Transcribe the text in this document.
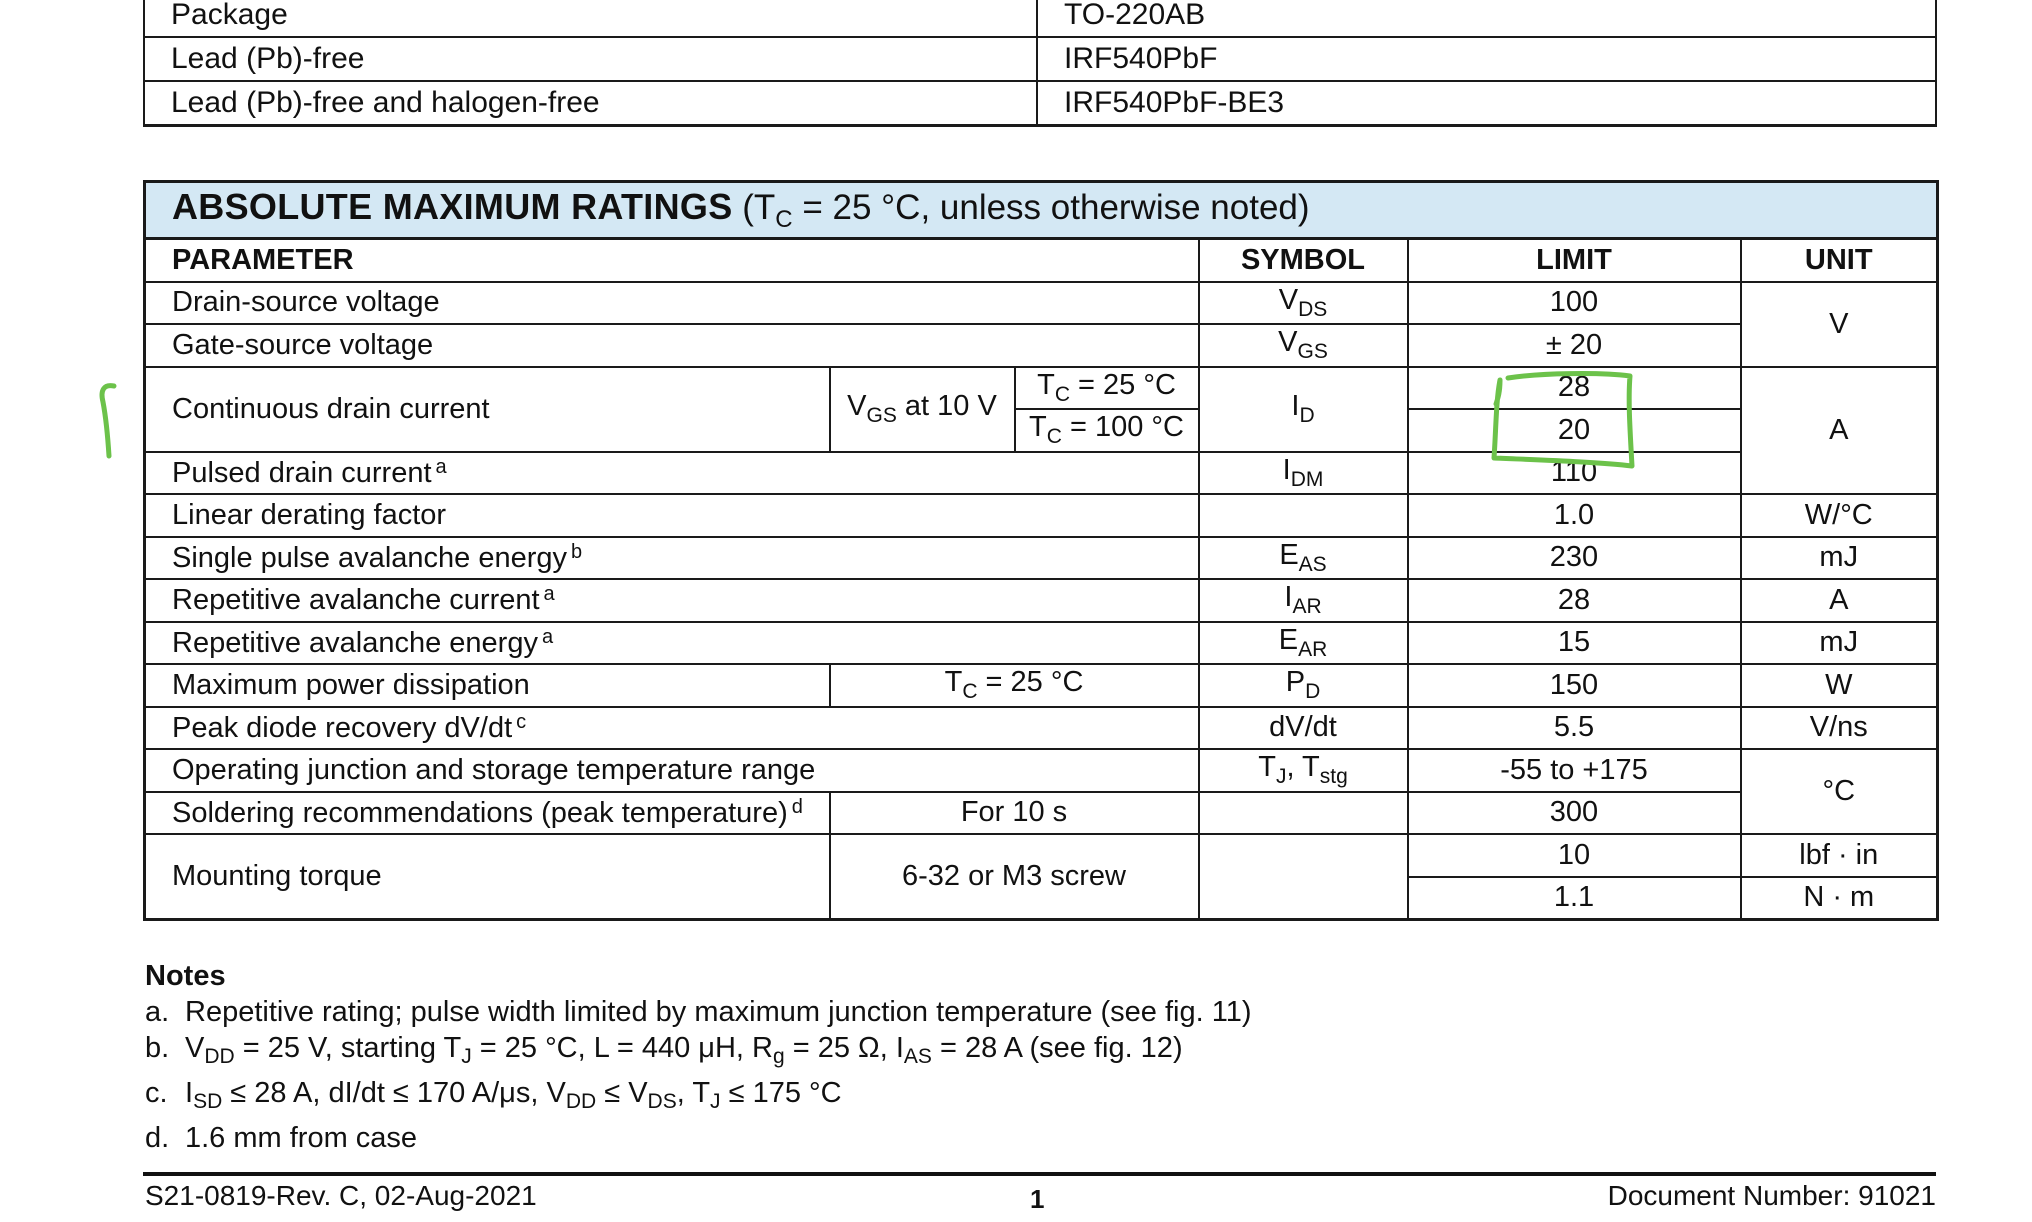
Package	TO-220AB
Lead (Pb)-free	IRF540PbF
Lead (Pb)-free and halogen-free	IRF540PbF-BE3
ABSOLUTE MAXIMUM RATINGS ($T_C = 25$ °C, unless otherwise noted)					
PARAMETER			SYMBOL	LIMIT	UNIT
Drain-source voltage			$V_{DS}$	100	V
Gate-source voltage			$V_{GS}$	± 20	
Continuous drain current	$V_{GS}$ at 10 V	$T_C = 25$ °C	$I_D$	28	A
		$T_C = 100$ °C		20	
Pulsed drain current $^a$			$I_{DM}$	110	
Linear derating factor				1.0	W/°C
Single pulse avalanche energy $^b$			$E_{AS}$	230	mJ
Repetitive avalanche current $^a$			$I_{AR}$	28	A
Repetitive avalanche energy $^a$			$E_{AR}$	15	mJ
Maximum power dissipation	$T_C = 25$ °C		$P_D$	150	W
Peak diode recovery dV/dt $^c$			dV/dt	5.5	V/ns
Operating junction and storage temperature range			$T_J$, $T_{stg}$	-55 to +175	°C
Soldering recommendations (peak temperature) $^d$	For 10 s			300	
Mounting torque	6-32 or M3 screw			10	lbf · in
				1.1	N · m
Notes
a. Repetitive rating; pulse width limited by maximum junction temperature (see fig. 11)
b. $V_{DD} = 25$ V, starting $T_J = 25$ °C, L = 440 μH, $R_g = 25$ Ω, $I_{AS} = 28$ A (see fig. 12)
c. $I_{SD} \le 28$ A, dI/dt ≤ 170 A/μs, $V_{DD} \le V_{DS}$, $T_J \le 175$ °C
d. 1.6 mm from case
S21-0819-Rev. C, 02-Aug-2021	1	Document Number: 91021
